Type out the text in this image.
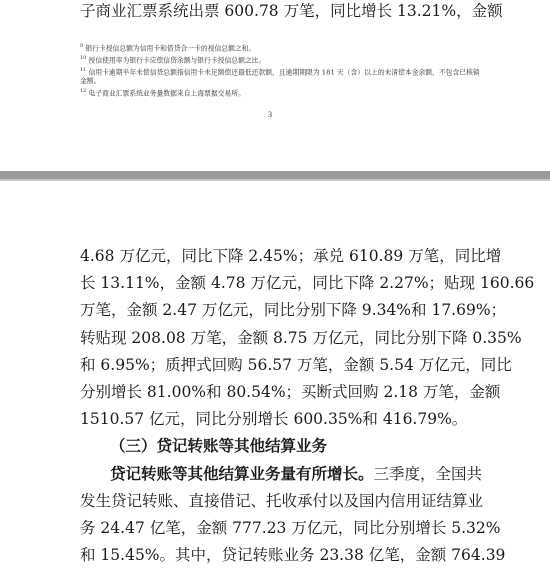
子商业汇票系统出票 600.78 万笔，同比增长 13.21%，金额

$^9$ 银行卡授信总额为信用卡和借贷合一卡的授信总额之和。

$^{10}$ 授信使用率为银行卡应偿信贷余额与银行卡授信总额之比。

$^{11}$ 信用卡逾期半年未偿信贷总额指信用卡未足额偿还最低还款额，且逾期期限为 181 天（含）以上的未清偿本金余额，不包含已核销金额。

$^{12}$ 电子商业汇票系统业务量数据来自上海票据交易所。

3

4.68 万亿元，同比下降 2.45%；承兑 610.89 万笔，同比增

长 13.11%，金额 4.78 万亿元，同比下降 2.27%；贴现 160.66

万笔，金额 2.47 万亿元，同比分别下降 9.34%和 17.69%；

转贴现 208.08 万笔，金额 8.75 万亿元，同比分别下降 0.35%

和 6.95%；质押式回购 56.57 万笔，金额 5.54 万亿元，同比

分别增长 81.00%和 80.54%；买断式回购 2.18 万笔，金额

1510.57 亿元，同比分别增长 600.35%和 416.79%。

（三）贷记转账等其他结算业务

贷记转账等其他结算业务量有所增长。三季度，全国共

发生贷记转账、直接借记、托收承付以及国内信用证结算业

务 24.47 亿笔，金额 777.23 万亿元，同比分别增长 5.32%

和 15.45%。其中，贷记转账业务 23.38 亿笔，金额 764.39
